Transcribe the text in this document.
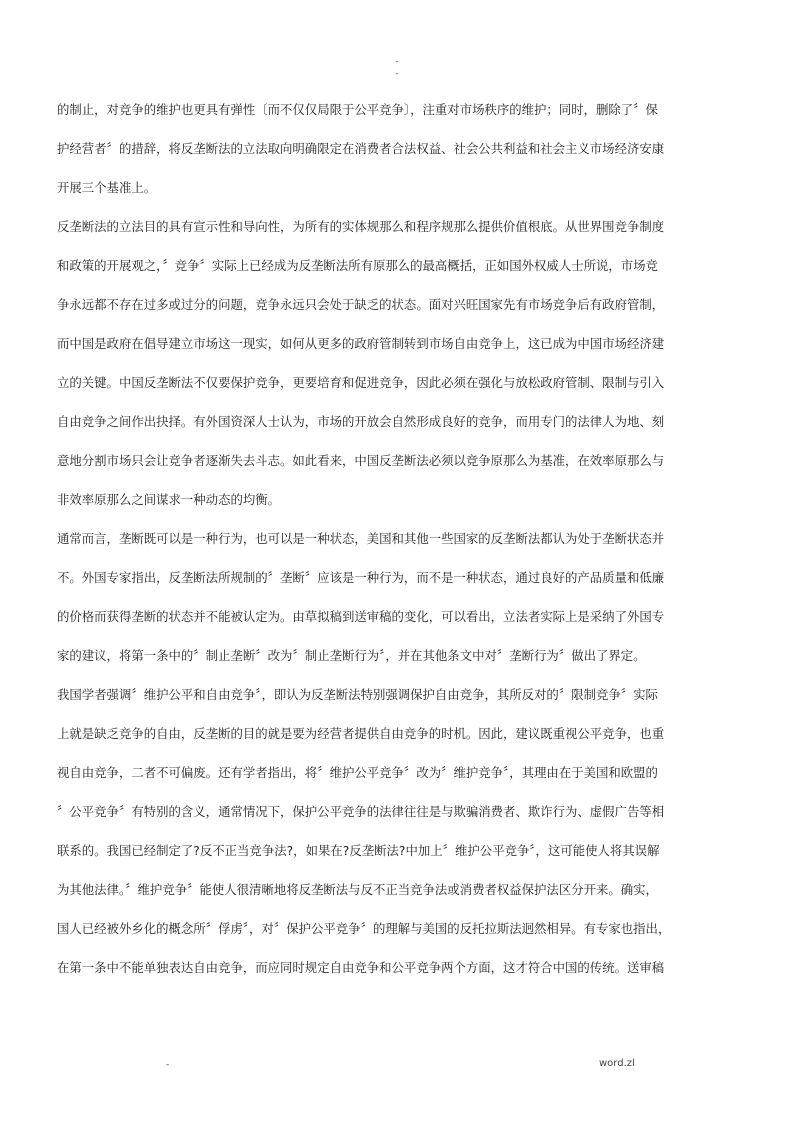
-
-
的制止，对竞争的维护也更具有弹性〔而不仅仅局限于公平竞争〕，注重对市场秩序的维护；同时，删除了〞保
护经营者〞的措辞，将反垄断法的立法取向明确限定在消费者合法权益、社会公共利益和社会主义市场经济安康
开展三个基准上。
反垄断法的立法目的具有宣示性和导向性，为所有的实体规那么和程序规那么提供价值根底。从世界围竞争制度
和政策的开展观之，〞竞争〞实际上已经成为反垄断法所有原那么的最高概括，正如国外权威人士所说，市场竞
争永远都不存在过多或过分的问题，竞争永远只会处于缺乏的状态。面对兴旺国家先有市场竞争后有政府管制，
而中国是政府在倡导建立市场这一现实，如何从更多的政府管制转到市场自由竞争上，这已成为中国市场经济建
立的关键。中国反垄断法不仅要保护竞争，更要培育和促进竞争，因此必须在强化与放松政府管制、限制与引入
自由竞争之间作出抉择。有外国资深人士认为，市场的开放会自然形成良好的竞争，而用专门的法律人为地、刻
意地分割市场只会让竞争者逐渐失去斗志。如此看来，中国反垄断法必须以竞争原那么为基准，在效率原那么与
非效率原那么之间谋求一种动态的均衡。
通常而言，垄断既可以是一种行为，也可以是一种状态，美国和其他一些国家的反垄断法都认为处于垄断状态并
不。外国专家指出，反垄断法所规制的〞垄断〞应该是一种行为，而不是一种状态，通过良好的产品质量和低廉
的价格而获得垄断的状态并不能被认定为。由草拟稿到送审稿的变化，可以看出，立法者实际上是采纳了外国专
家的建议，将第一条中的〞制止垄断〞改为〞制止垄断行为〞，并在其他条文中对〞垄断行为〞做出了界定。
我国学者强调〞维护公平和自由竞争〞，即认为反垄断法特别强调保护自由竞争，其所反对的〞限制竞争〞实际
上就是缺乏竞争的自由，反垄断的目的就是要为经营者提供自由竞争的时机。因此，建议既重视公平竞争，也重
视自由竞争，二者不可偏废。还有学者指出，将〞维护公平竞争〞改为〞维护竞争〞，其理由在于美国和欧盟的
〞公平竞争〞有特别的含义，通常情况下，保护公平竞争的法律往往是与欺骗消费者、欺诈行为、虚假广告等相
联系的。我国已经制定了?反不正当竞争法?，如果在?反垄断法?中加上〞维护公平竞争〞，这可能使人将其误解
为其他法律。〞维护竞争〞能使人很清晰地将反垄断法与反不正当竞争法或消费者权益保护法区分开来。确实，
国人已经被外乡化的概念所〞俘虏〞，对〞保护公平竞争〞的理解与美国的反托拉斯法迥然相异。有专家也指出，
在第一条中不能单独表达自由竞争，而应同时规定自由竞争和公平竞争两个方面，这才符合中国的传统。送审稿
-	word.zl
